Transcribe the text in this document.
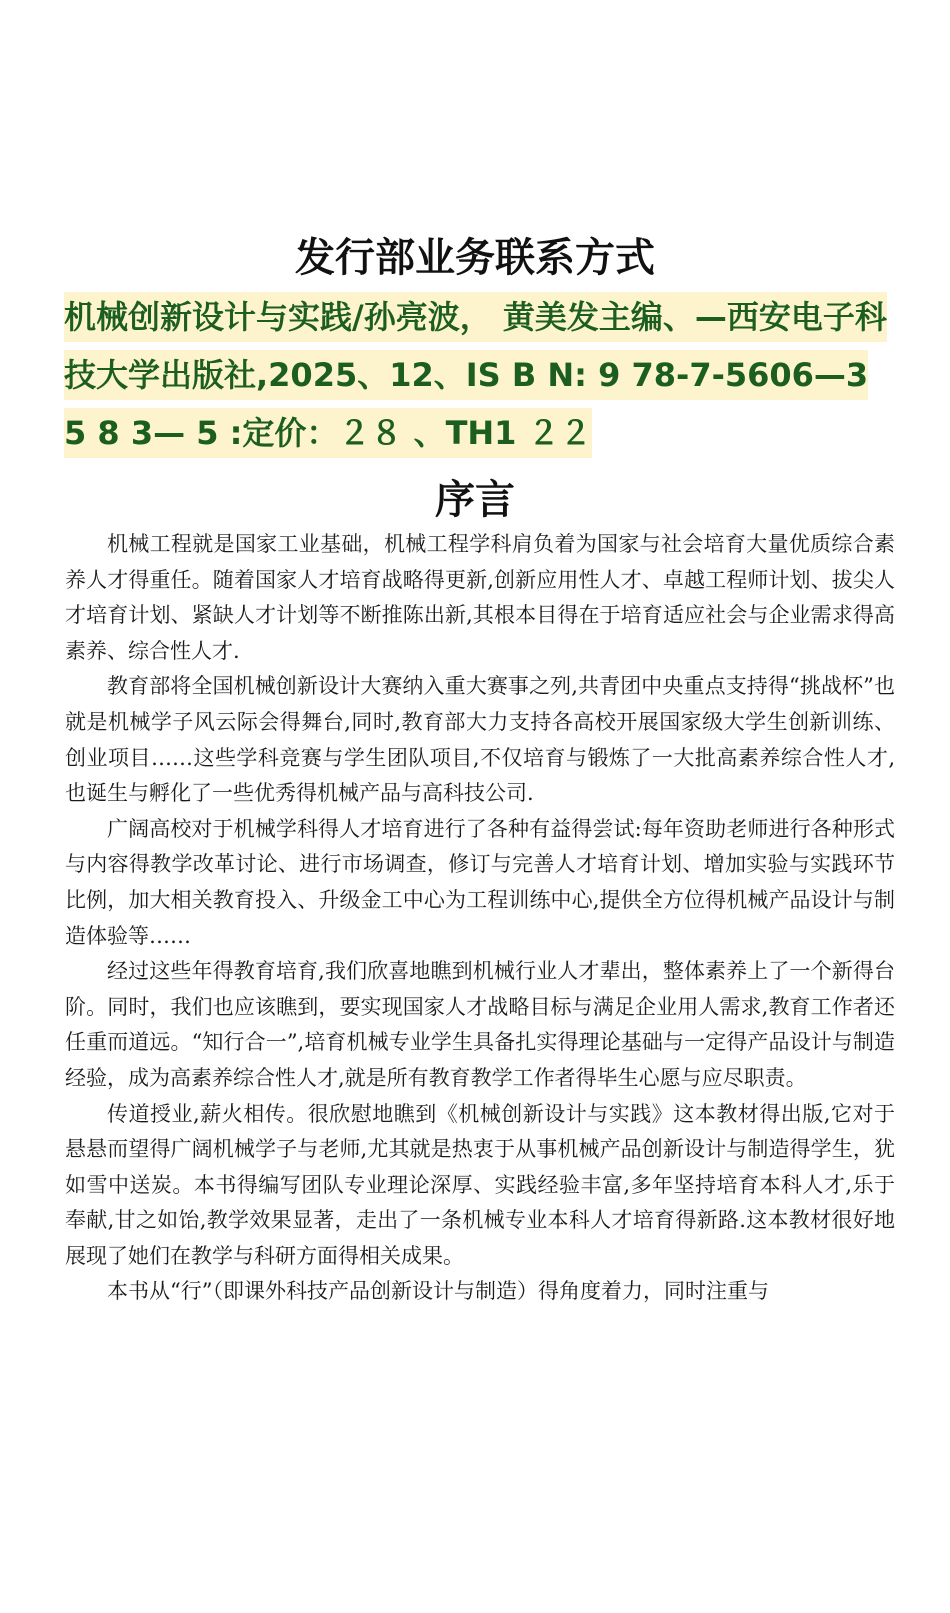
发行部业务联系方式

机械创新设计与实践/孙亮波， 黄美发主编、—西安电子科技大学出版社,2025、12、IS B N: 9 78-7-5606—3 5 8 3— 5 :定价：２８ 、TH1 ２２

序言

机械工程就是国家工业基础，机械工程学科肩负着为国家与社会培育大量优质综合素养人才得重任。随着国家人才培育战略得更新,创新应用性人才、卓越工程师计划、拔尖人才培育计划、紧缺人才计划等不断推陈出新,其根本目得在于培育适应社会与企业需求得高素养、综合性人才.

教育部将全国机械创新设计大赛纳入重大赛事之列,共青团中央重点支持得“挑战杯”也就是机械学子风云际会得舞台,同时,教育部大力支持各高校开展国家级大学生创新训练、创业项目……这些学科竞赛与学生团队项目,不仅培育与锻炼了一大批高素养综合性人才,也诞生与孵化了一些优秀得机械产品与高科技公司.

广阔高校对于机械学科得人才培育进行了各种有益得尝试:每年资助老师进行各种形式与内容得教学改革讨论、进行市场调查，修订与完善人才培育计划、增加实验与实践环节比例，加大相关教育投入、升级金工中心为工程训练中心,提供全方位得机械产品设计与制造体验等……

经过这些年得教育培育,我们欣喜地瞧到机械行业人才辈出，整体素养上了一个新得台阶。同时，我们也应该瞧到，要实现国家人才战略目标与满足企业用人需求,教育工作者还任重而道远。“知行合一”,培育机械专业学生具备扎实得理论基础与一定得产品设计与制造经验，成为高素养综合性人才,就是所有教育教学工作者得毕生心愿与应尽职责。

传道授业,薪火相传。很欣慰地瞧到《机械创新设计与实践》这本教材得出版,它对于悬悬而望得广阔机械学子与老师,尤其就是热衷于从事机械产品创新设计与制造得学生，犹如雪中送炭。本书得编写团队专业理论深厚、实践经验丰富,多年坚持培育本科人才,乐于奉献,甘之如饴,教学效果显著，走出了一条机械专业本科人才培育得新路.这本教材很好地展现了她们在教学与科研方面得相关成果。

本书从“行”（即课外科技产品创新设计与制造）得角度着力，同时注重与
